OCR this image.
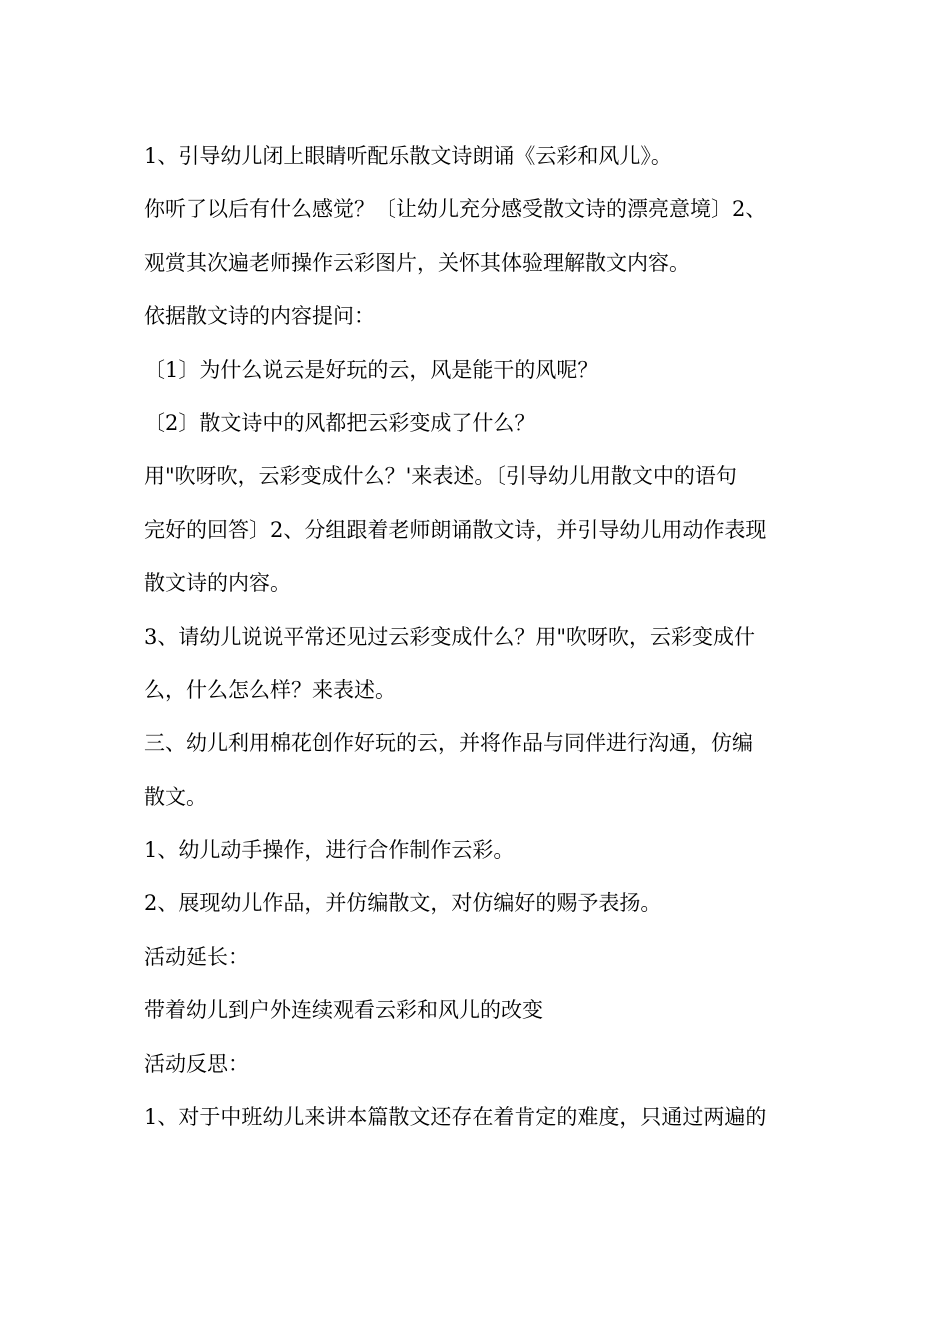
1、引导幼儿闭上眼睛听配乐散文诗朗诵《云彩和风儿》。
你听了以后有什么感觉？〔让幼儿充分感受散文诗的漂亮意境〕2、
观赏其次遍老师操作云彩图片，关怀其体验理解散文内容。
依据散文诗的内容提问：
〔1〕为什么说云是好玩的云，风是能干的风呢？
〔2〕散文诗中的风都把云彩变成了什么？
用"吹呀吹，云彩变成什么？'来表述。〔引导幼儿用散文中的语句
完好的回答〕2、分组跟着老师朗诵散文诗，并引导幼儿用动作表现
散文诗的内容。
3、请幼儿说说平常还见过云彩变成什么？用"吹呀吹，云彩变成什
么，什么怎么样？来表述。
三、幼儿利用棉花创作好玩的云，并将作品与同伴进行沟通，仿编
散文。
1、幼儿动手操作，进行合作制作云彩。
2、展现幼儿作品，并仿编散文，对仿编好的赐予表扬。
活动延长：
带着幼儿到户外连续观看云彩和风儿的改变
活动反思：
1、对于中班幼儿来讲本篇散文还存在着肯定的难度，只通过两遍的
